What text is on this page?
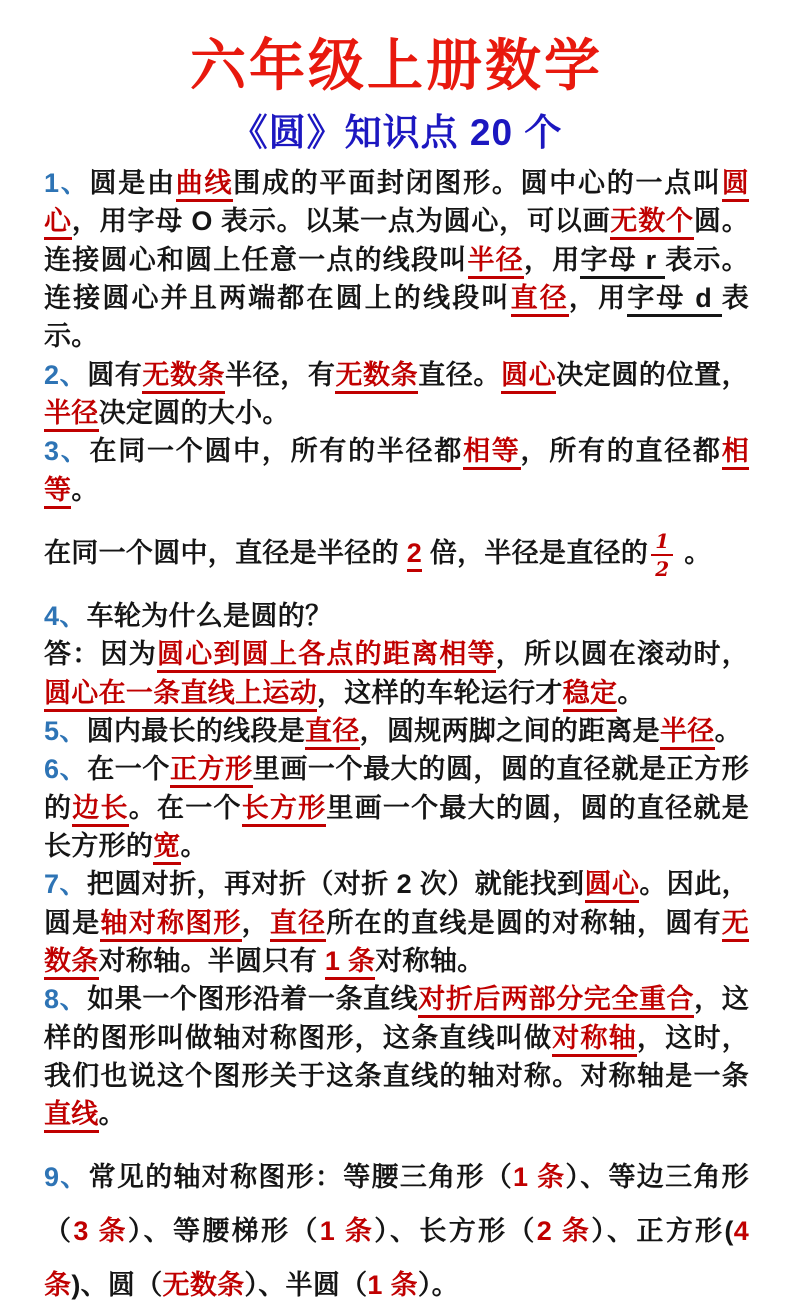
六年级上册数学
《圆》知识点 20 个

1、圆是由曲线围成的平面封闭图形。圆中心的一点叫圆心，用字母 O 表示。以某一点为圆心，可以画无数个圆。连接圆心和圆上任意一点的线段叫半径，用字母 r 表示。连接圆心并且两端都在圆上的线段叫直径，用字母 d 表示。

2、圆有无数条半径，有无数条直径。圆心决定圆的位置，半径决定圆的大小。

3、在同一个圆中，所有的半径都相等，所有的直径都相等。

在同一个圆中，直径是半径的 2 倍，半径是直径的 $\frac{1}{2}$ 。

4、车轮为什么是圆的？

答：因为圆心到圆上各点的距离相等，所以圆在滚动时，圆心在一条直线上运动，这样的车轮运行才稳定。

5、圆内最长的线段是直径，圆规两脚之间的距离是半径。

6、在一个正方形里画一个最大的圆，圆的直径就是正方形的边长。在一个长方形里画一个最大的圆，圆的直径就是长方形的宽。

7、把圆对折，再对折（对折 2 次）就能找到圆心。因此，圆是轴对称图形，直径所在的直线是圆的对称轴，圆有无数条对称轴。半圆只有 1 条对称轴。

8、如果一个图形沿着一条直线对折后两部分完全重合，这样的图形叫做轴对称图形，这条直线叫做对称轴，这时，我们也说这个图形关于这条直线的轴对称。对称轴是一条直线。

9、常见的轴对称图形：等腰三角形（1 条）、等边三角形（3 条）、等腰梯形（1 条）、长方形（2 条）、正方形(4 条)、圆（无数条）、半圆（1 条）。
